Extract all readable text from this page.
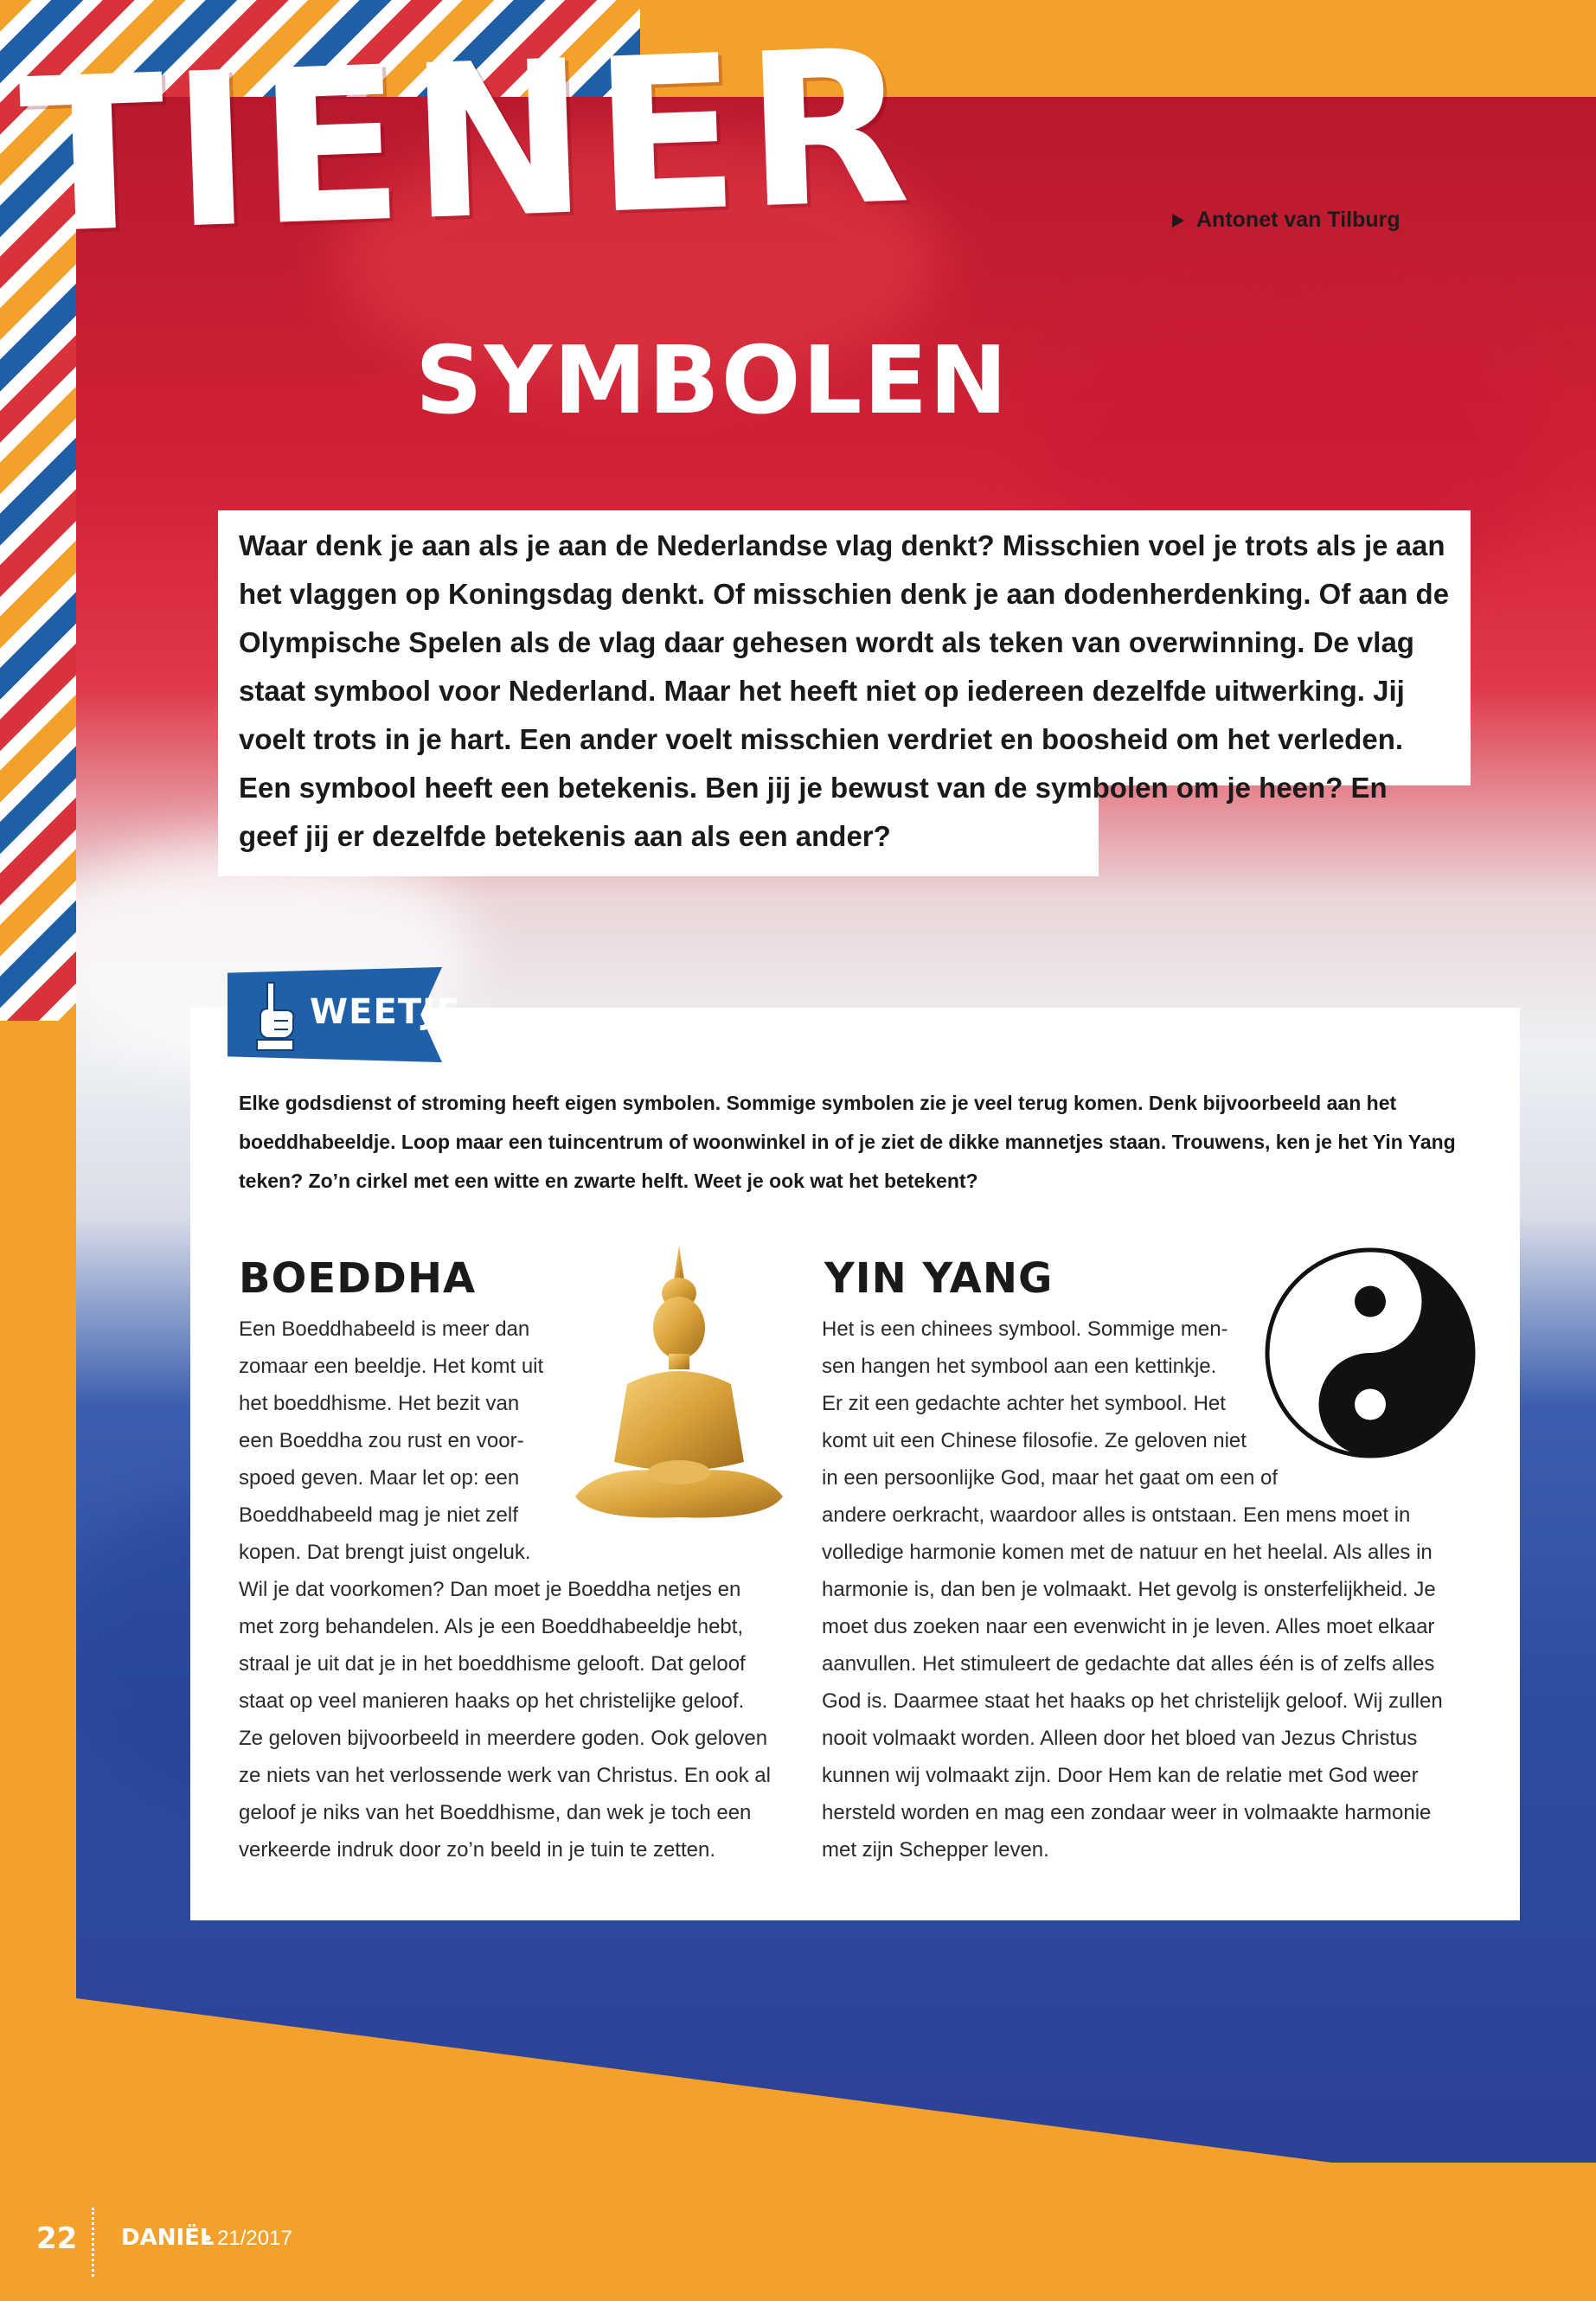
TIENER
SYMBOLEN
Antonet van Tilburg

Waar denk je aan als je aan de Nederlandse vlag denkt? Misschien voel je trots als je aan het vlaggen op Koningsdag denkt. Of misschien denk je aan dodenherdenking. Of aan de Olympische Spelen als de vlag daar gehesen wordt als teken van overwinning. De vlag staat symbool voor Nederland. Maar het heeft niet op iedereen dezelfde uitwerking. Jij voelt trots in je hart. Een ander voelt misschien verdriet en boosheid om het verleden. Een symbool heeft een betekenis. Ben jij je bewust van de symbolen om je heen? En geef jij er dezelfde betekenis aan als een ander?

WEETJE

Elke godsdienst of stroming heeft eigen symbolen. Sommige symbolen zie je veel terug komen. Denk bijvoorbeeld aan het boeddhabeeldje. Loop maar een tuincentrum of woonwinkel in of je ziet de dikke mannetjes staan. Trouwens, ken je het Yin Yang teken? Zo’n cirkel met een witte en zwarte helft. Weet je ook wat het betekent?

BOEDDHA

Een Boeddhabeeld is meer dan

zomaar een beeldje. Het komt uit

het boeddhisme. Het bezit van

een Boeddha zou rust en voor-

spoed geven. Maar let op: een

Boeddhabeeld mag je niet zelf

kopen. Dat brengt juist ongeluk.

Wil je dat voorkomen? Dan moet je Boeddha netjes en

met zorg behandelen. Als je een Boeddhabeeldje hebt,

straal je uit dat je in het boeddhisme gelooft. Dat geloof

staat op veel manieren haaks op het christelijke geloof.

Ze geloven bijvoorbeeld in meerdere goden. Ook geloven

ze niets van het verlossende werk van Christus. En ook al

geloof je niks van het Boeddhisme, dan wek je toch een

verkeerde indruk door zo’n beeld in je tuin te zetten.

YIN YANG

Het is een chinees symbool. Sommige men-

sen hangen het symbool aan een kettinkje.

Er zit een gedachte achter het symbool. Het

komt uit een Chinese filosofie. Ze geloven niet

in een persoonlijke God, maar het gaat om een of

andere oerkracht, waardoor alles is ontstaan. Een mens moet in

volledige harmonie komen met de natuur en het heelal. Als alles in

harmonie is, dan ben je volmaakt. Het gevolg is onsterfelijkheid. Je

moet dus zoeken naar een evenwicht in je leven. Alles moet elkaar

aanvullen. Het stimuleert de gedachte dat alles één is of zelfs alles

God is. Daarmee staat het haaks op het christelijk geloof. Wij zullen

nooit volmaakt worden. Alleen door het bloed van Jezus Christus

kunnen wij volmaakt zijn. Door Hem kan de relatie met God weer

hersteld worden en mag een zondaar weer in volmaakte harmonie

met zijn Schepper leven.

22 DANIËL
• 21/2017
